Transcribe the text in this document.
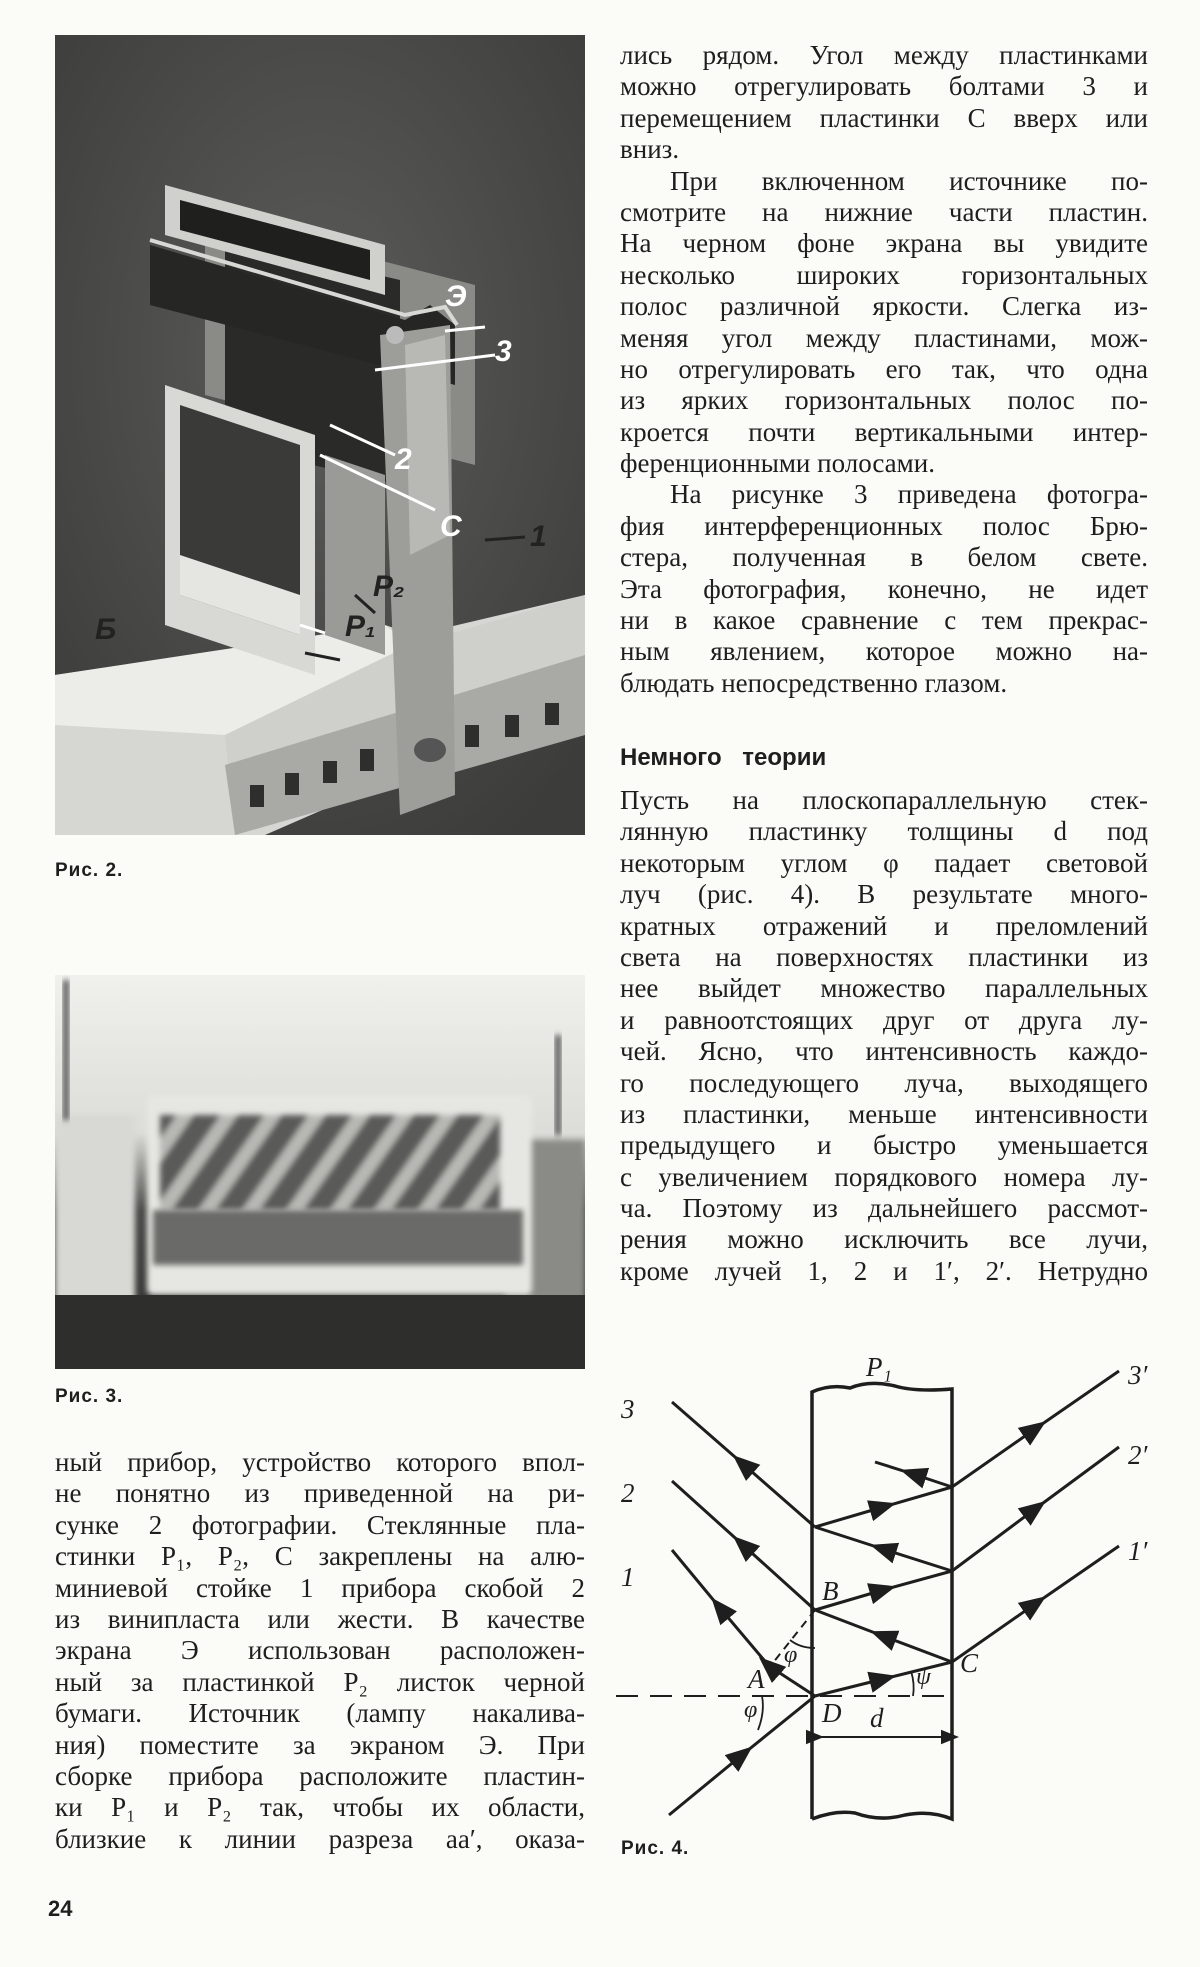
Э
3
2
C 1
P₂
P₁
Б
Рис. 2.
Рис. 3.
ный прибор, устройство которого впол-
не понятно из приведенной на ри-
сунке 2 фотографии. Стеклянные пла-
стинки P₁, P₂, C закреплены на алю-
миниевой стойке 1 прибора скобой 2
из винипласта или жести. В качестве
экрана Э использован расположен-
ный за пластинкой P₂ листок черной
бумаги. Источник (лампу накалива-
ния) поместите за экраном Э. При
сборке прибора расположите пластин-
ки P₁ и P₂ так, чтобы их области,
близкие к линии разреза aa′, оказа-
лись рядом. Угол между пластинками
можно отрегулировать болтами 3 и
перемещением пластинки C вверх или
вниз.
При включенном источнике по-
смотрите на нижние части пластин.
На черном фоне экрана вы увидите
несколько широких горизонтальных
полос различной яркости. Слегка из-
меняя угол между пластинами, мож-
но отрегулировать его так, что одна
из ярких горизонтальных полос по-
кроется почти вертикальными интер-
ференционными полосами.
На рисунке 3 приведена фотогра-
фия интерференционных полос Брю-
стера, полученная в белом свете.
Эта фотография, конечно, не идет
ни в какое сравнение с тем прекрас-
ным явлением, которое можно на-
блюдать непосредственно глазом.
Немного теории
Пусть на плоскопараллельную стек-
лянную пластинку толщины d под
некоторым углом φ падает световой
луч (рис. 4). В результате много-
кратных отражений и преломлений
света на поверхностях пластинки из
нее выйдет множество параллельных
и равноотстоящих друг от друга лу-
чей. Ясно, что интенсивность каждо-
го последующего луча, выходящего
из пластинки, меньше интенсивности
предыдущего и быстро уменьшается
с увеличением порядкового номера лу-
ча. Поэтому из дальнейшего рассмот-
рения можно исключить все лучи,
кроме лучей 1, 2 и 1′, 2′. Нетрудно
P₁
3
2
1
3′
2′
1′
B
A
C
D
φ
φ
ψ
d
Рис. 4.
24
